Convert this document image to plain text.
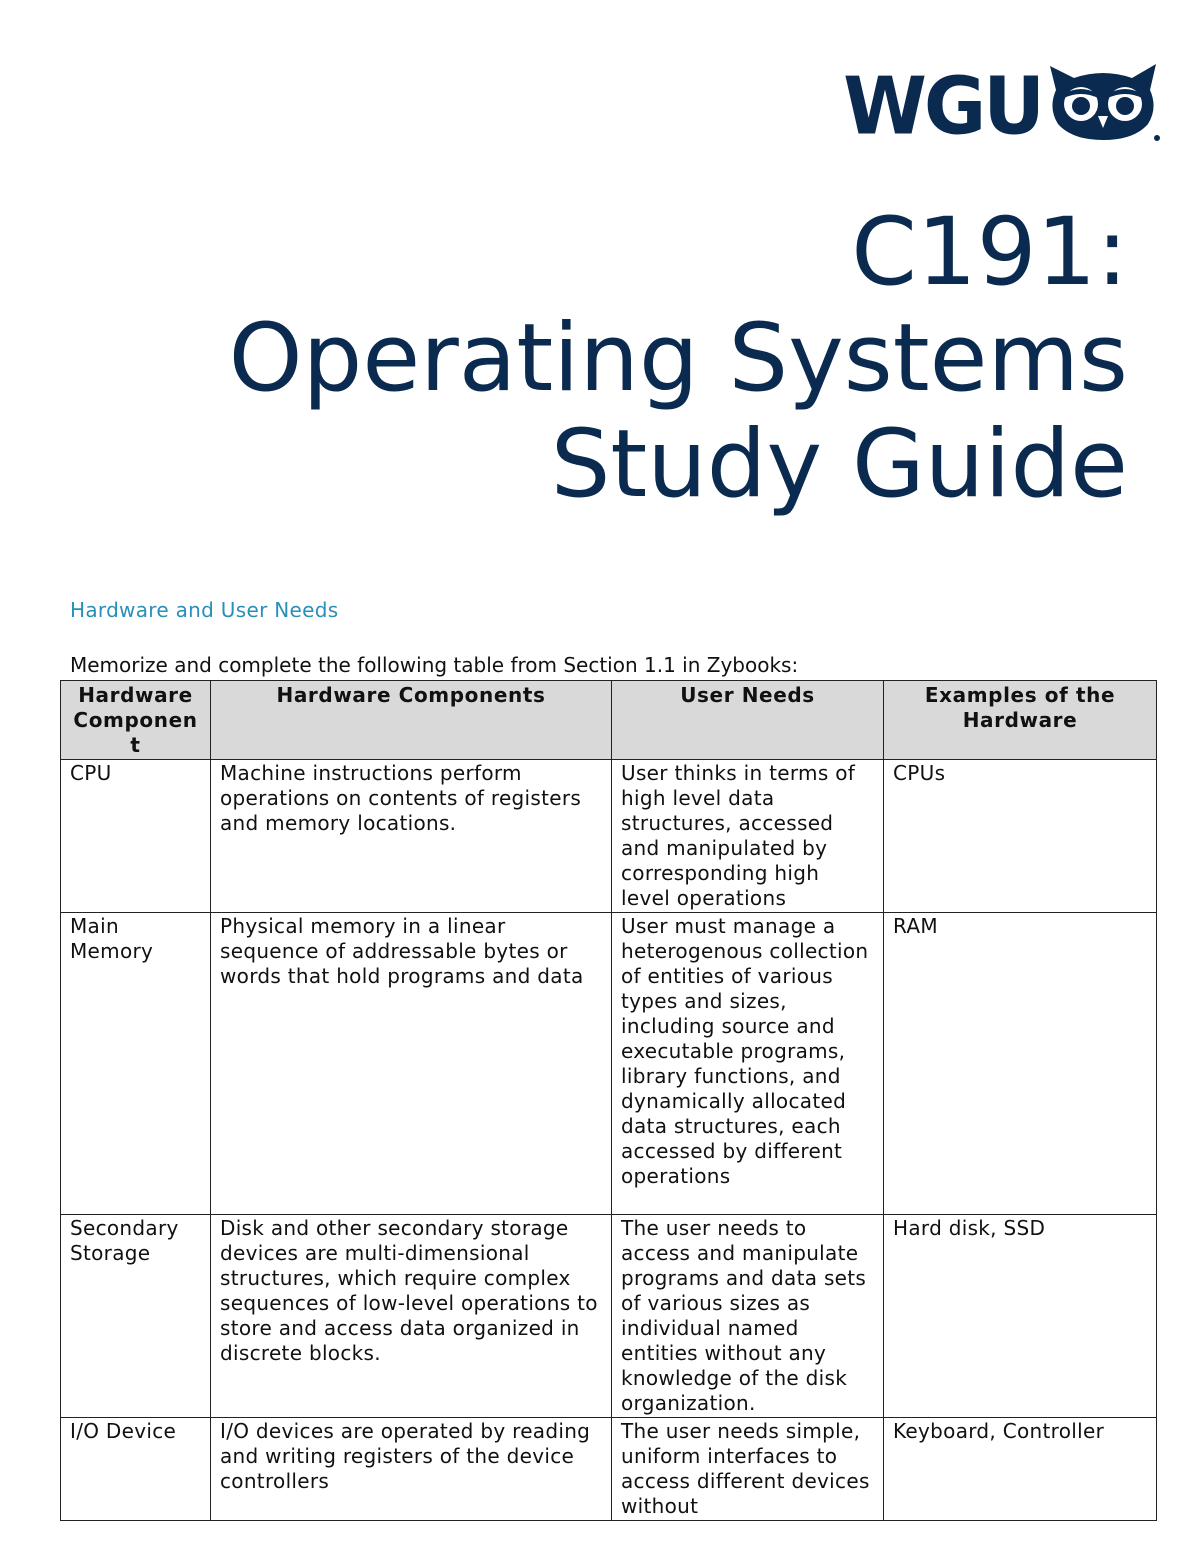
WGU
C191:
Operating Systems
Study Guide
Hardware and User Needs
Memorize and complete the following table from Section 1.1 in Zybooks:
Hardware Component	Hardware Components	User Needs	Examples of the Hardware
CPU	Machine instructions perform operations on contents of registers and memory locations.	User thinks in terms of high level data structures, accessed and manipulated by corresponding high level operations	CPUs
Main Memory	Physical memory in a linear sequence of addressable bytes or words that hold programs and data	User must manage a heterogenous collection of entities of various types and sizes, including source and executable programs, library functions, and dynamically allocated data structures, each accessed by different operations	RAM
Secondary Storage	Disk and other secondary storage devices are multi-dimensional structures, which require complex sequences of low-level operations to store and access data organized in discrete blocks.	The user needs to access and manipulate programs and data sets of various sizes as individual named entities without any knowledge of the disk organization.	Hard disk, SSD
I/O Device	I/O devices are operated by reading and writing registers of the device controllers	The user needs simple, uniform interfaces to access different devices without	Keyboard, Controller
